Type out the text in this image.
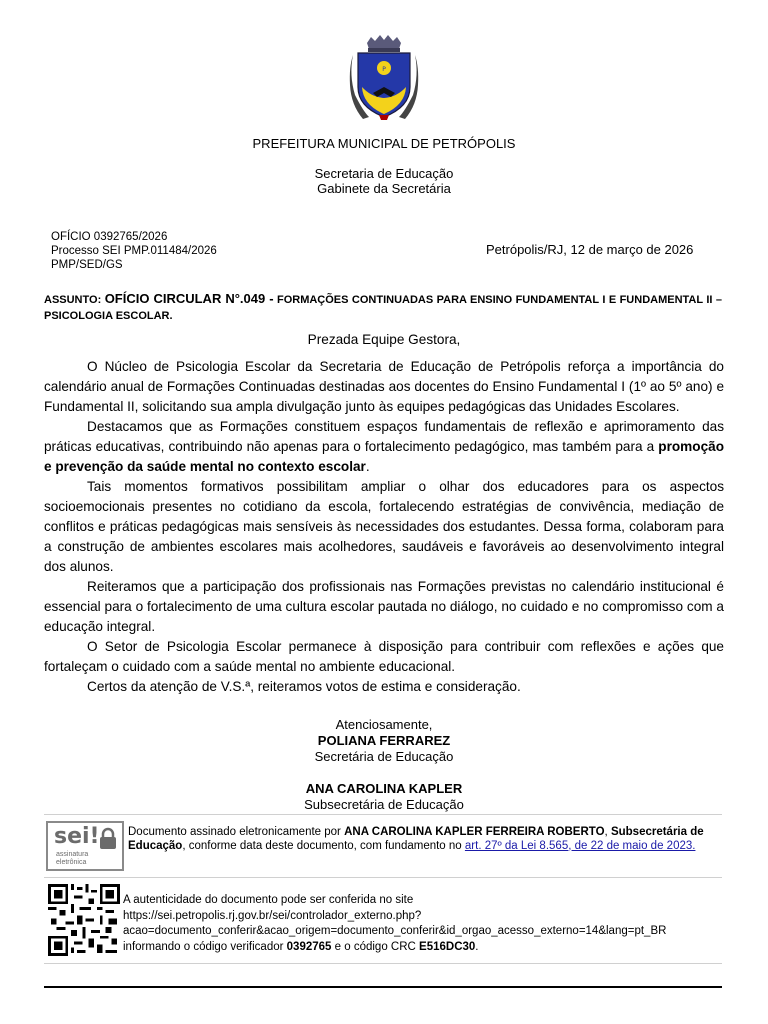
P
PREFEITURA MUNICIPAL DE PETRÓPOLIS
Secretaria de Educação
Gabinete da Secretária
OFÍCIO 0392765/2026
Processo SEI PMP.011484/2026
PMP/SED/GS
Petrópolis/RJ, 12 de março de 2026
ASSUNTO: OFÍCIO CIRCULAR N°.049 - FORMAÇÕES CONTINUADAS PARA ENSINO FUNDAMENTAL I E FUNDAMENTAL II – PSICOLOGIA ESCOLAR.
Prezada Equipe Gestora,

O Núcleo de Psicologia Escolar da Secretaria de Educação de Petrópolis reforça a importância do calendário anual de Formações Continuadas destinadas aos docentes do Ensino Fundamental I (1º ao 5º ano) e Fundamental II, solicitando sua ampla divulgação junto às equipes pedagógicas das Unidades Escolares.

Destacamos que as Formações constituem espaços fundamentais de reflexão e aprimoramento das práticas educativas, contribuindo não apenas para o fortalecimento pedagógico, mas também para a promoção e prevenção da saúde mental no contexto escolar.

Tais momentos formativos possibilitam ampliar o olhar dos educadores para os aspectos socioemocionais presentes no cotidiano da escola, fortalecendo estratégias de convivência, mediação de conflitos e práticas pedagógicas mais sensíveis às necessidades dos estudantes. Dessa forma, colaboram para a construção de ambientes escolares mais acolhedores, saudáveis e favoráveis ao desenvolvimento integral dos alunos.

Reiteramos que a participação dos profissionais nas Formações previstas no calendário institucional é essencial para o fortalecimento de uma cultura escolar pautada no diálogo, no cuidado e no compromisso com a educação integral.

O Setor de Psicologia Escolar permanece à disposição para contribuir com reflexões e ações que fortaleçam o cuidado com a saúde mental no ambiente educacional.

Certos da atenção de V.S.ª, reiteramos votos de estima e consideração.

Atenciosamente,
POLIANA FERRAREZ
Secretária de Educação
ANA CAROLINA KAPLER
Subsecretária de Educação
sei!
assinatura
eletrônica
Documento assinado eletronicamente por ANA CAROLINA KAPLER FERREIRA ROBERTO, Subsecretária de Educação, conforme data deste documento, com fundamento no art. 27º da Lei 8.565, de 22 de maio de 2023.
A autenticidade do documento pode ser conferida no site
https://sei.petropolis.rj.gov.br/sei/controlador_externo.php?
acao=documento_conferir&acao_origem=documento_conferir&id_orgao_acesso_externo=14&lang=pt_BR
informando o código verificador 0392765 e o código CRC E516DC30.
